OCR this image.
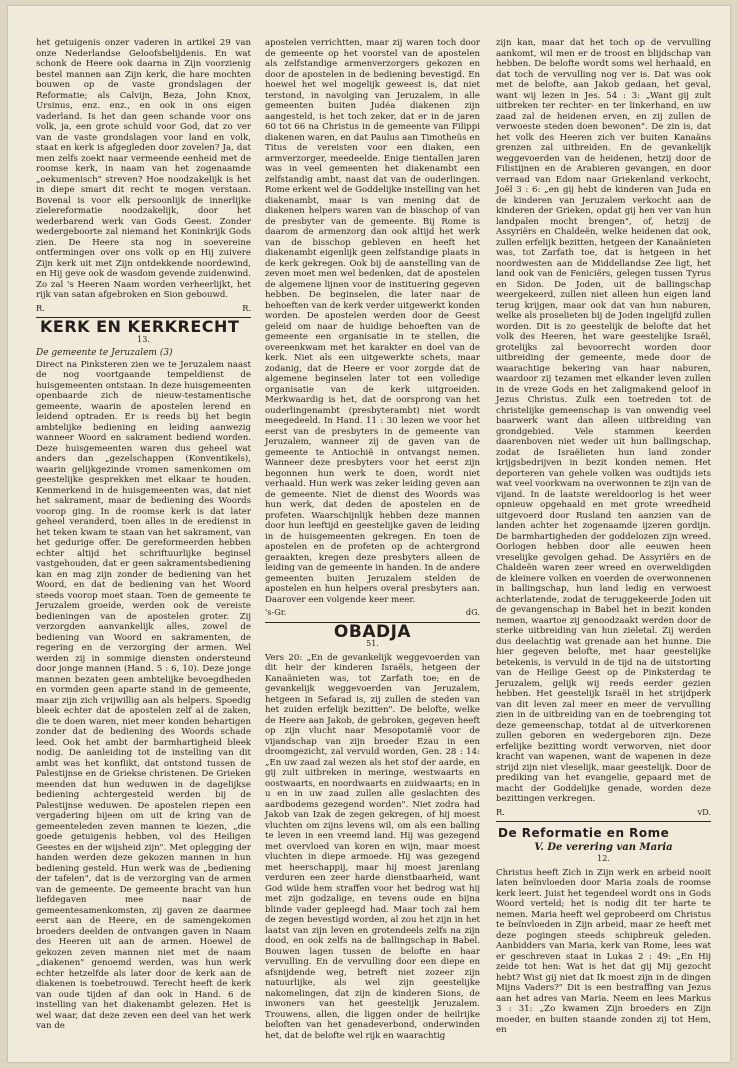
het getuigenis onzer vaderen in artikel 29 van onze Nederlandse Geloofsbelijdenis. En wat schonk de Heere ook daarna in Zijn voorzienig bestel mannen aan Zijn kerk, die hare mochten bouwen op de vaste grondslagen der Reformatie; als Calvijn, Beza, John Knox, Ursinus, enz. enz., en ook in ons eigen vaderland. Is het dan geen schande voor ons volk, ja, een grote schuld voor God, dat zo ver van de vaste grondslagen voor land en volk, staat en kerk is afgegleden door zovelen? Ja, dat men zelfs zoekt naar vermeende eenheid met de roomse kerk, in naam van het zogenaamde „oekumenisch" streven? Hoe noodzakelijk is het in diepe smart dit recht te mogen verstaan. Bovenal is voor elk persoonlijk de innerlijke zielereformatie noodzakelijk, door het wederbarend werk van Gods Geest. Zonder wedergeboorte zal niemand het Koninkrijk Gods zien. De Heere sta nog in soevereine ontfermingen over ons volk op en Hij zuivere Zijn kerk uit met Zijn ontdekkende noordewind, en Hij geve ook de wasdom gevende zuidenwind. Zo zal 's Heeren Naam worden verheerlijkt, het rijk van satan afgebroken en Sion gebouwd.

R.	R.
KERK EN KERKRECHT
13.
De gemeente te Jeruzalem (3)

Direct na Pinksteren zien we te Jeruzalem naast de nog voortgaande tempeldienst de huisgemeenten ontstaan. In deze huisgemeenten openbaarde zich de nieuw-testamentische gemeente, waarin de apostelen lerend en leidend optraden. Er is reeds bij het begin ambtelijke bediening en leiding aanwezig wanneer Woord en sakrament bediend worden. Deze huisgemeenten waren dus geheel wat anders dan „gezelschappen (Konventikels), waarin gelijkgezinde vromen samenkomen om geestelijke gesprekken met elkaar te houden. Kenmerkend in de huisgemeenten was, dat niet het sakrament, maar de bediening des Woords voorop ging. In de roomse kerk is dat later geheel veranderd, toen alles in de eredienst in het teken kwam te staan van het sakrament, van het gedurige offer. De gereformeerden hebben echter altijd het schriftuurlijke beginsel vastgehouden, dat er geen sakramentsbediening kan en mag zijn zonder de bediening van het Woord, en dat de bediening van het Woord steeds voorop moet staan. Toen de gemeente te Jeruzalem groeide, werden ook de vereiste bedieningen van de apostelen groter. Zij verzorgden aanvankelijk alles, zowel de bediening van Woord en sakramenten, de regering en de verzorging der armen. Wel werden zij in sommige diensten ondersteund door jonge mannen (Hand. 5 : 6, 10). Deze jonge mannen bezaten geen ambtelijke bevoegdheden en vormden geen aparte stand in de gemeente, maar zijn zich vrijwillig aan als helpers. Spoedig bleek echter dat de apostelen zelf al de zaken, die te doen waren, niet meer konden behartigen zonder dat de bediening des Woords schade leed. Ook het ambt der barmhartigheid bleek nodig. De aanleiding tot de instelling van dit ambt was het konflikt, dat ontstond tussen de Palestijnse en de Griekse christenen. De Grieken meenden dat hun weduwen in de dagelijkse bediening achtergesteld werden bij de Palestijnse weduwen. De apostelen riepen een vergadering bijeen om uit de kring van de gemeenteleden zeven mannen te kiezen, „die goede getuigenis hebben, vol des Heiligen Geestes en der wijsheid zijn". Met oplegging der handen werden deze gekozen mannen in hun bediening gesteld. Hun werk was de „bediening der tafelen", dat is de verzorging van de armen van de gemeente. De gemeente bracht van hun liefdegaven mee naar de gemeentesamenkomsten, zij gaven ze daarmee eerst aan de Heere, en de samengekomen broeders deelden de ontvangen gaven in Naam des Heeren uit aan de armen. Hoewel de gekozen zeven mannen niet met de naam „diakenen" genoemd werden, was hun werk echter hetzelfde als later door de kerk aan de diakenen is toebetrouwd. Terecht heeft de kerk van oude tijden af dan ook in Hand. 6 de instelling van het diakenambt gelezen. Het is wel waar, dat deze zeven een deel van het werk van de

apostelen verrichtten, maar zij waren toch door de gemeente op het voorstel van de apostelen als zelfstandige armenverzorgers gekozen en door de apostelen in de bediening bevestigd. En hoewel het wel mogelijk geweest is, dat niet terstond, in navolging van Jeruzalem, in alle gemeenten buiten Judéa diakenen zijn aangesteld, is het toch zeker, dat er in de jaren 60 tot 66 na Christus in de gemeente van Filippi diakenen waren, en dat Paulus aan Timotheüs en Titus de vereisten voor een diaken, een armverzorger, meedeelde. Enige tientallen jaren was in veel gemeenten het diakenambt een zelfstandig ambt, naast dat van de ouderlingen. Rome erkent wel de Goddelijke instelling van het diakenambt, maar is van mening dat de diakenen helpers waren van de bisschop of van de presbyter van de gemeente. Bij Rome is daarom de armenzorg dan ook altijd het werk van de bisschop gebleven en heeft het diakenambt eigenlijk geen zelfstandige plaats in de kerk gekregen. Ook bij de aanstelling van de zeven moet men wel bedenken, dat de apostelen de algemene lijnen voor de instituering gegeven hebben. De beginselen, die later naar de behoeften van de kerk verder uitgewerkt konden worden. De apostelen werden door de Geest geleid om naar de huidige behoeften van de gemeente een organisatie in te stellen, die overeenkwam met het karakter en doel van de kerk. Niet als een uitgewerkte schets, maar zodanig, dat de Heere er voor zorgde dat de algemene beginselen later tot een volledige organisatie van de kerk uitgroeiden. Merkwaardig is het, dat de oorsprong van het ouderlingenambt (presbyterambt) niet wordt meegedeeld. In Hand. 11 : 30 lezen we voor het eerst van de presbyters in de gemeente van Jeruzalem, wanneer zij de gaven van de gemeente te Antiochië in ontvangst nemen. Wanneer deze presbyters voor het eerst zijn begonnen hun werk te doen, wordt niet verhaald. Hun werk was zeker leiding geven aan de gemeente. Niet de dienst des Woords was hun werk, dat deden de apostelen en de profeten. Waarschijnlijk hebben deze mannen door hun leeftijd en geestelijke gaven de leiding in de huisgemeenten gekregen. En toen de apostelen en de profeten op de achtergrond geraakten, kregen deze presbyters alleen de leiding van de gemeente in handen. In de andere gemeenten buiten Jeruzalem stelden de apostelen en hun helpers overal presbyters aan. Daarover een volgende keer meer.

's-Gr.	dG.
OBADJA
51.

Vers 20: „En de gevankelijk weggevoerden van dit heir der kinderen Israëls, hetgeen der Kanaänieten was, tot Zarfath toe; en de gevankelijk weggevoerden van Jeruzalem, hetgeen in Sefarad is, zij zullen de steden van het zuiden erfelijk bezitten". De belofte, welke de Heere aan Jakob, de gebroken, gegeven heeft op zijn vlucht naar Mesopotamië voor de vijandschap van zijn broeder Ezau in een droomgezicht, zal vervuld worden, Gen. 28 : 14: „En uw zaad zal wezen als het stof der aarde, en gij zult uitbreken in meringe, westwaarts en oostwaarts, en noordwaarts en zuidwaarts; en in u en in uw zaad zullen alle geslachten des aardbodems gezegend worden". Niet zodra had Jakob van Izak de zegen gekregen, of hij moest vluchten om zijns levens wil, om als een balling te leven in een vreemd land. Hij was gezegend met overvloed van koren en wijn, maar moest vluchten in diepe armoede. Hij was gezegend met heerschappij, maar hij moest jarenlang verduren een zeer harde dienstbaarheid, want God wilde hem straffen voor het bedrog wat hij met zijn godzalige, en tevens oude en bijna blinde vader gepleegd had. Maar toch zal hem de zegen bevestigd worden, al zou het zijn in het laatst van zijn leven en grotendeels zelfs na zijn dood, en ook zelfs na de ballingschap in Babel. Bouwen lagen tussen de belofte en haar vervulling. En de vervulling door een diepe en afsnijdende weg, betreft niet zozeer zijn natuurlijke, als wel zijn geestelijke nakomelingen, dat zijn de kinderen Sions, de inwoners van het geestelijk Jeruzalem. Trouwens, allen, die liggen onder de heilrijke beloften van het genadeverbond, onderwinden het, dat de belofte wel rijk en waarachtig

zijn kan, maar dat het toch op de vervulling aankomt, wil men er de troost en blijdschap van hebben. De belofte wordt soms wel herhaald, en dat toch de vervulling nog ver is. Dat was ook met de belofte, aan Jakob gedaan, het geval, want wij lezen in Jes. 54 : 3: „Want gij zult uitbreken ter rechter- en ter linkerhand, en uw zaad zal de heidenen erven, en zij zullen de verwoeste steden doen bewonen". De zin is, dat het volk des Heeren zich ver buiten Kanaäns grenzen zal uitbreiden. En de gevankelijk weggevoerden van de heidenen, hetzij door de Filistijnen en de Arabieren gevangen, en door verraad van Edom naar Griekenland verkocht, Joël 3 : 6: „en gij hebt de kinderen van Juda en de kinderen van Jeruzalem verkocht aan de kinderen der Grieken, opdat gij hen ver van hun landpalen mocht brengen", of, hetzij de Assyriërs en Chaldeën, welke heidenen dat ook, zullen erfelijk bezitten, hetgeen der Kanaänieten was, tot Zarfath toe, dat is hetgeen in het noordwesten aan de Middellandse Zee ligt, het land ook van de Feniciërs, gelegen tussen Tyrus en Sidon. De Joden, uit de ballingschap weergekeerd, zullen niet alleen hun eigen land terug krijgen, maar ook dat van hun naburen, welke als proselieten bij de Joden ingelijfd zullen worden. Dit is zo geestelijk de belofte dat het volk des Heeren, het ware geestelijke Israël, grotelijks zal bevoorrecht worden door uitbreiding der gemeente, mede door de waarachtige bekering van haar naburen, waardoor zij tezamen met elkander leven zullen in de vreze Gods en het zaligmakend geloof in Jezus Christus. Zulk een toetreden tot de christelijke gemeenschap is van onwendig veel baarwerk want dan alleen uitbreiding van grondgebied. Vele stammen keerden daarenboven niet weder uit hun ballingschap, zodat de Israëlieten hun land zonder krijgsbedrijven in bezit konden nemen. Het deporteren van gehele volken was oudtijds iets wat veel voorkwam na overwonnen te zijn van de vijand. In de laatste wereldoorlog is het weer opnieuw opgehaald en met grote wreedheid uitgevoerd door Rusland ten aanzien van de landen achter het zogenaamde ijzeren gordijn. De barmhartigheden der goddelozen zijn wreed. Oorlogen hebben door alle eeuwen heen vreselijke gevolgen gehad. De Assyriërs en de Chaldeën waren zeer wreed en overweldigden de kleinere volken en voerden de overwonnenen in ballingschap, hun land ledig en verwoest achterlatende, zodat de teruggekeerde Joden uit de gevangenschap in Babel het in bezit konden nemen, waartoe zij genoodzaakt werden door de sterke uitbreiding van hun zieletal. Zij werden dus deelachtig wat grenade aan het hunne. Die hier gegeven belofte, met haar geestelijke betekenis, is vervuld in de tijd na de uitstorting van de Heilige Geest op de Pinksterdag te Jeruzalem, gelijk wij reeds eerder gezien hebben. Het geestelijk Israël in het strijdperk van dit leven zal meer en meer de vervulling zien in de uitbreiding van en de toebrenging tot deze gemeenschap, totdat al de uitverkorenen zullen geboren en wedergeboren zijn. Deze erfelijke bezitting wordt verworven, niet door kracht van wapenen, want de wapenen in deze strijd zijn niet vleselijk, maar geestelijk. Door de prediking van het evangelie, gepaard met de macht der Goddelijke genade, worden deze bezittingen verkregen.

R.	vD.
De Reformatie en Rome
V. De verering van Maria
12.

Christus heeft Zich in Zijn werk en arbeid nooit laten beïnvloeden door Maria zoals de roomse kerk leert. Juist het tegendeel wordt ons in Gods Woord verteld; het is nodig dit ter harte te nemen. Maria heeft wel geprobeerd om Christus te beïnvloeden in Zijn arbeid, maar ze heeft met deze pogingen steeds schipbreuk geleden. Aanbidders van Maria, kerk van Rome, lees wat er geschreven staat in Lukas 2 : 49: „En Hij zeide tot hen: Wat is het dat gij Mij gezocht hebt? Wist gij niet dat Ik moest zijn in de dingen Mijns Vaders?" Dit is een bestraffing van Jezus aan het adres van Maria. Neem en lees Markus 3 : 31: „Zo kwamen Zijn broeders en Zijn moeder, en buiten staande zonden zij tot Hem, en
